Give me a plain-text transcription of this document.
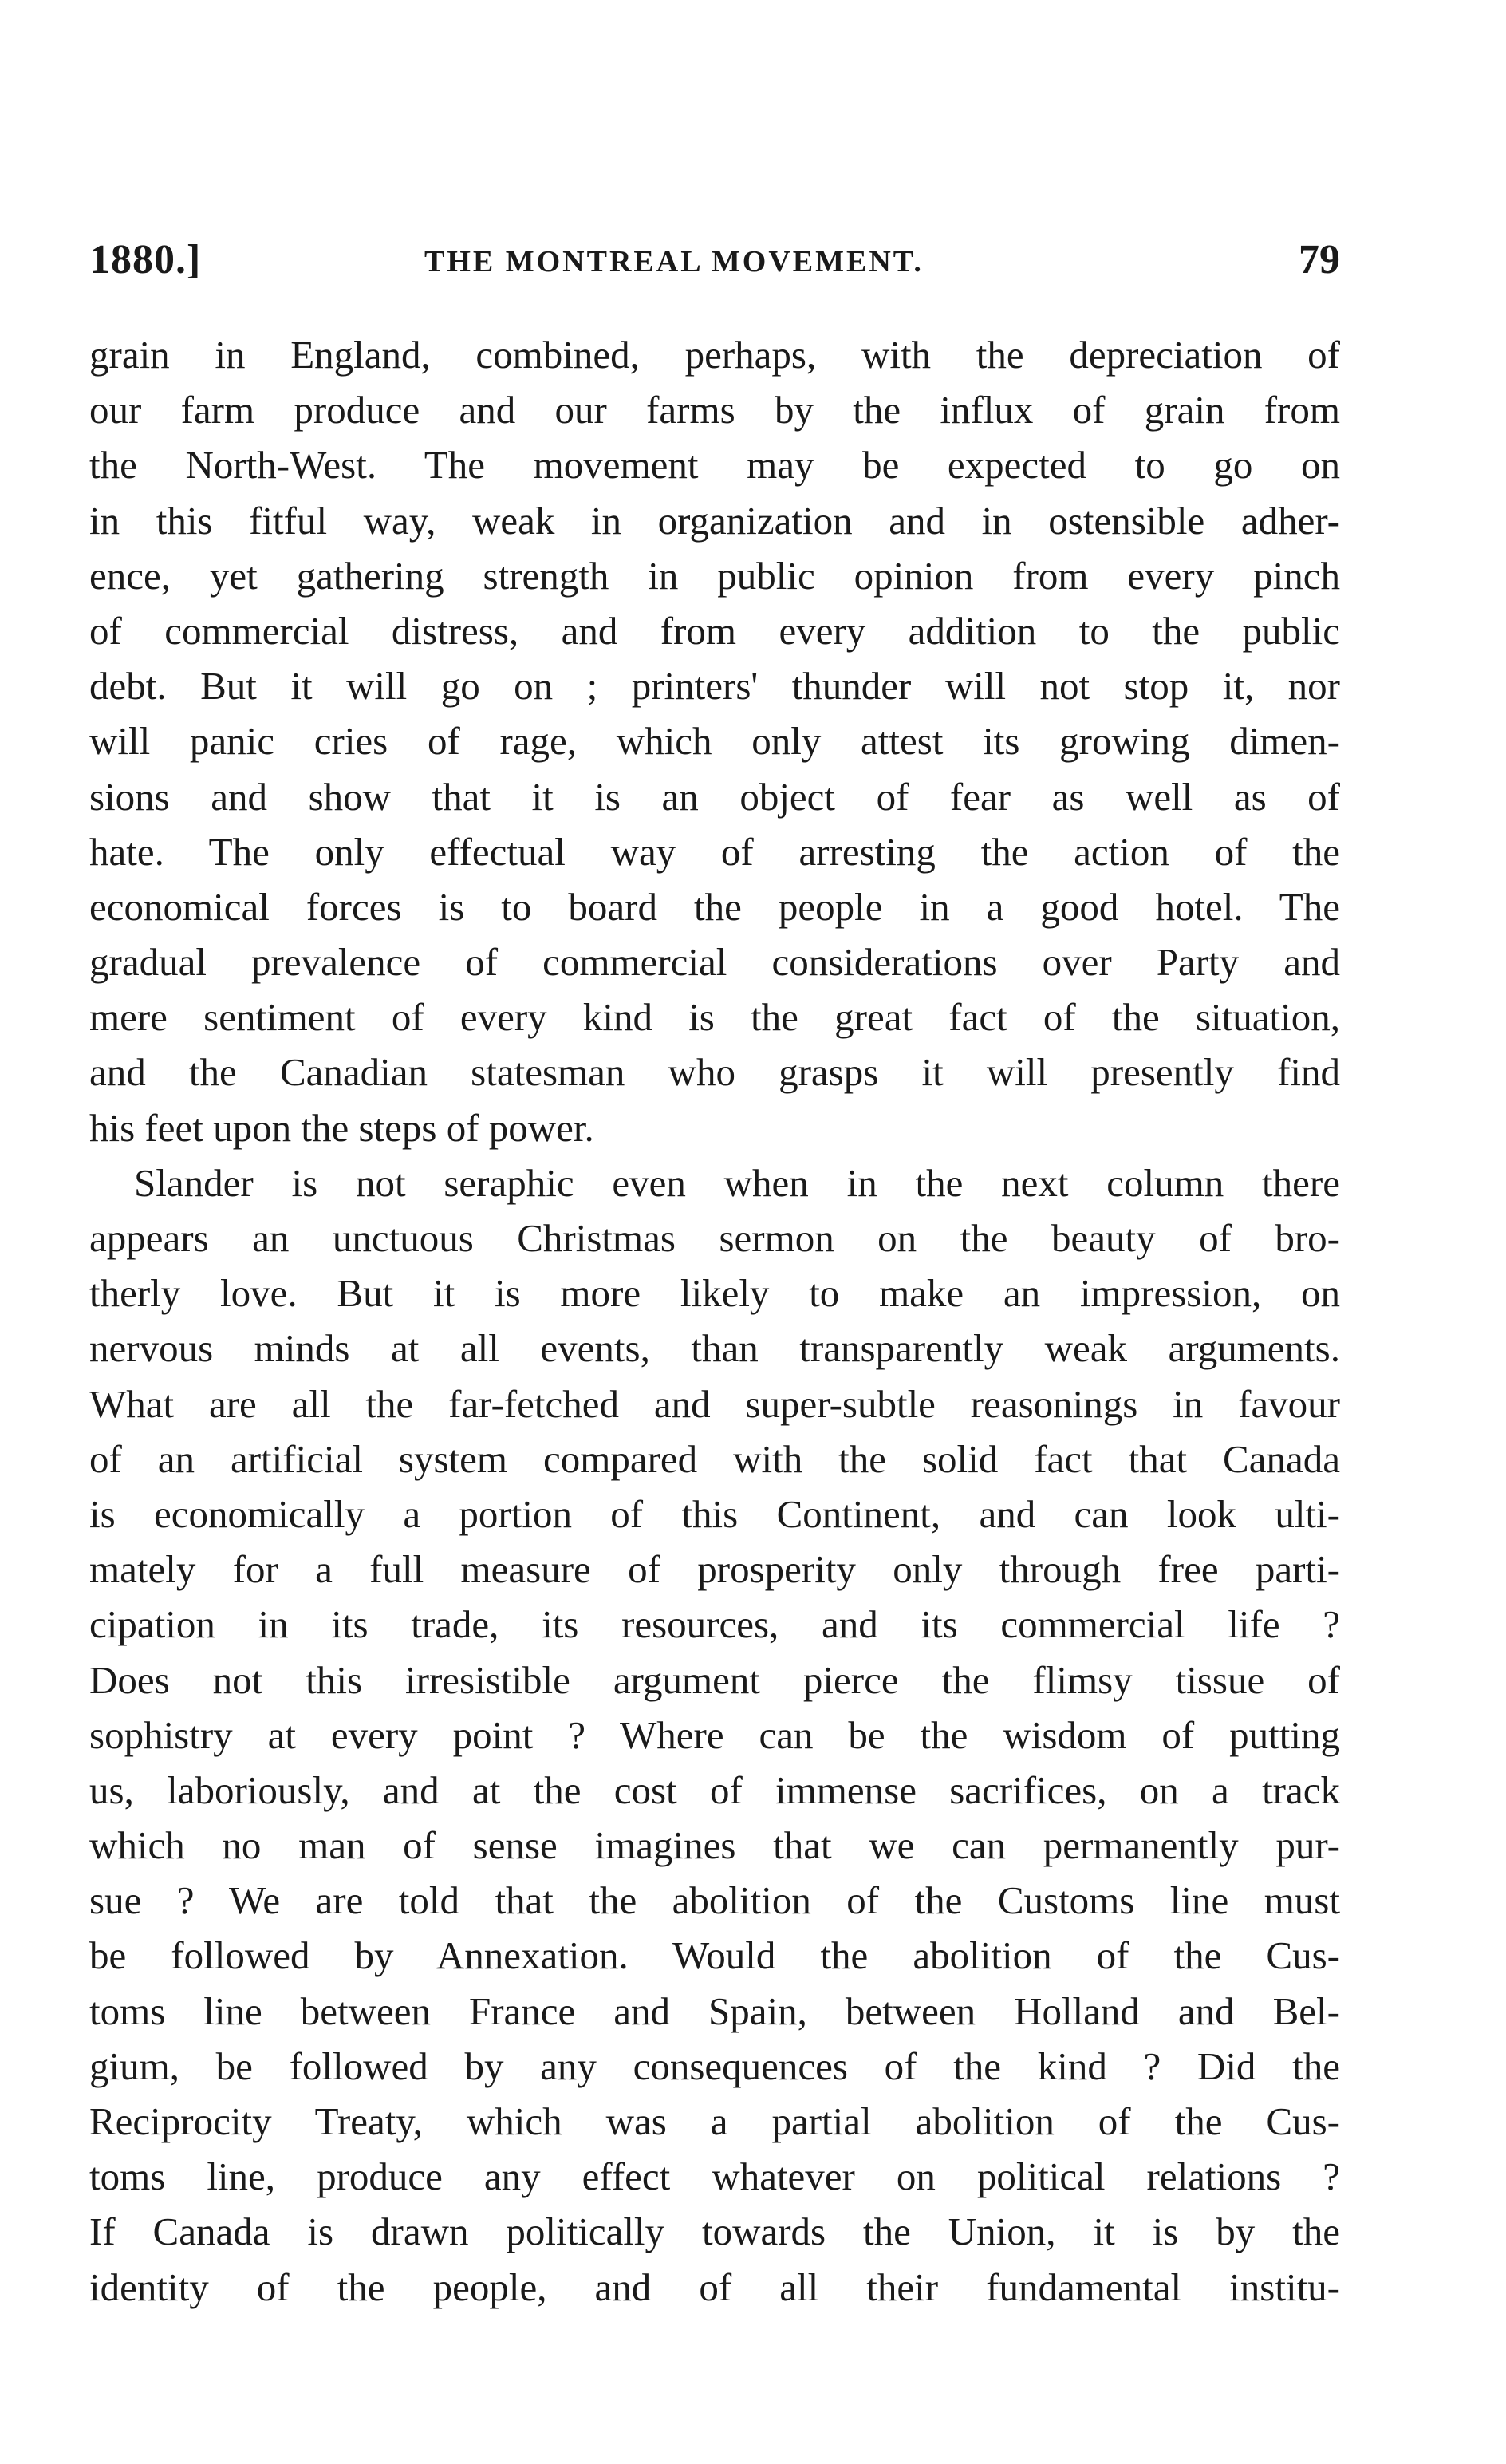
1880.]	THE MONTREAL MOVEMENT.	79
grain in England, combined, perhaps, with the depreciation of
our farm produce and our farms by the influx of grain from
the North-West. The movement may be expected to go on
in this fitful way, weak in organization and in ostensible adher-
ence, yet gathering strength in public opinion from every pinch
of commercial distress, and from every addition to the public
debt. But it will go on ; printers' thunder will not stop it, nor
will panic cries of rage, which only attest its growing dimen-
sions and show that it is an object of fear as well as of
hate. The only effectual way of arresting the action of the
economical forces is to board the people in a good hotel. The
gradual prevalence of commercial considerations over Party and
mere sentiment of every kind is the great fact of the situation,
and the Canadian statesman who grasps it will presently find
his feet upon the steps of power.
Slander is not seraphic even when in the next column there
appears an unctuous Christmas sermon on the beauty of bro-
therly love. But it is more likely to make an impression, on
nervous minds at all events, than transparently weak arguments.
What are all the far-fetched and super-subtle reasonings in favour
of an artificial system compared with the solid fact that Canada
is economically a portion of this Continent, and can look ulti-
mately for a full measure of prosperity only through free parti-
cipation in its trade, its resources, and its commercial life ?
Does not this irresistible argument pierce the flimsy tissue of
sophistry at every point ? Where can be the wisdom of putting
us, laboriously, and at the cost of immense sacrifices, on a track
which no man of sense imagines that we can permanently pur-
sue ? We are told that the abolition of the Customs line must
be followed by Annexation. Would the abolition of the Cus-
toms line between France and Spain, between Holland and Bel-
gium, be followed by any consequences of the kind ? Did the
Reciprocity Treaty, which was a partial abolition of the Cus-
toms line, produce any effect whatever on political relations ?
If Canada is drawn politically towards the Union, it is by the
identity of the people, and of all their fundamental institu-
